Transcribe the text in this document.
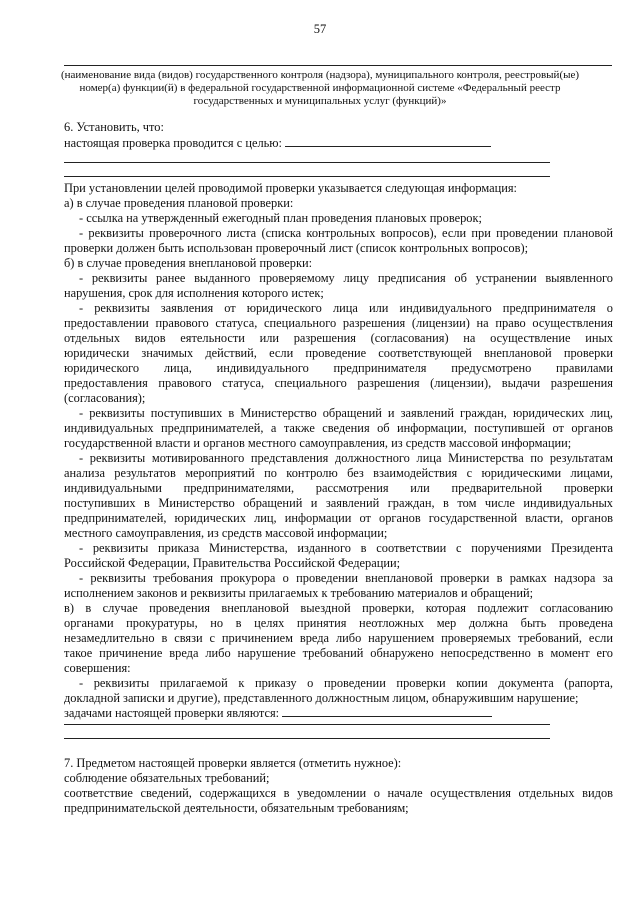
57
(наименование вида (видов) государственного контроля (надзора), муниципального контроля, реестровый(ые)
номер(а) функции(й) в федеральной государственной информационной системе «Федеральный реестр
государственных и муниципальных услуг (функций)»
6. Установить, что:
настоящая проверка проводится с целью:
При установлении целей проводимой проверки указывается следующая информация:
а) в случае проведения плановой проверки:
- ссылка на утвержденный ежегодный план проведения плановых проверок;
- реквизиты проверочного листа (списка контрольных вопросов), если при проведении плановой
проверки должен быть использован проверочный лист (список контрольных вопросов);
б) в случае проведения внеплановой проверки:
- реквизиты ранее выданного проверяемому лицу предписания об устранении выявленного
нарушения, срок для исполнения которого истек;
- реквизиты заявления от юридического лица или индивидуального предпринимателя о
предоставлении правового статуса, специального разрешения (лицензии) на право осуществления
отдельных видов еятельности или разрешения (согласования) на осуществление иных
юридически значимых действий, если проведение соответствующей внеплановой проверки
юридического лица, индивидуального предпринимателя предусмотрено правилами
предоставления правового статуса, специального разрешения (лицензии), выдачи разрешения
(согласования);
- реквизиты поступивших в Министерство обращений и заявлений граждан, юридических лиц,
индивидуальных предпринимателей, а также сведения об информации, поступившей от органов
государственной власти и органов местного самоуправления, из средств массовой информации;
- реквизиты мотивированного представления должностного лица Министерства по результатам
анализа результатов мероприятий по контролю без взаимодействия с юридическими лицами,
индивидуальными предпринимателями, рассмотрения или предварительной проверки
поступивших в Министерство обращений и заявлений граждан, в том числе индивидуальных
предпринимателей, юридических лиц, информации от органов государственной власти, органов
местного самоуправления, из средств массовой информации;
- реквизиты приказа Министерства, изданного в соответствии с поручениями Президента
Российской Федерации, Правительства Российской Федерации;
- реквизиты требования прокурора о проведении внеплановой проверки в рамках надзора за
исполнением законов и реквизиты прилагаемых к требованию материалов и обращений;
в) в случае проведения внеплановой выездной проверки, которая подлежит согласованию
органами прокуратуры, но в целях принятия неотложных мер должна быть проведена
незамедлительно в связи с причинением вреда либо нарушением проверяемых требований, если
такое причинение вреда либо нарушение требований обнаружено непосредственно в момент его
совершения:
- реквизиты прилагаемой к приказу о проведении проверки копии документа (рапорта,
докладной записки и другие), представленного должностным лицом, обнаружившим нарушение;
задачами настоящей проверки являются:
7. Предметом настоящей проверки является (отметить нужное):
соблюдение обязательных требований;
соответствие сведений, содержащихся в уведомлении о начале осуществления отдельных видов
предпринимательской деятельности, обязательным требованиям;
